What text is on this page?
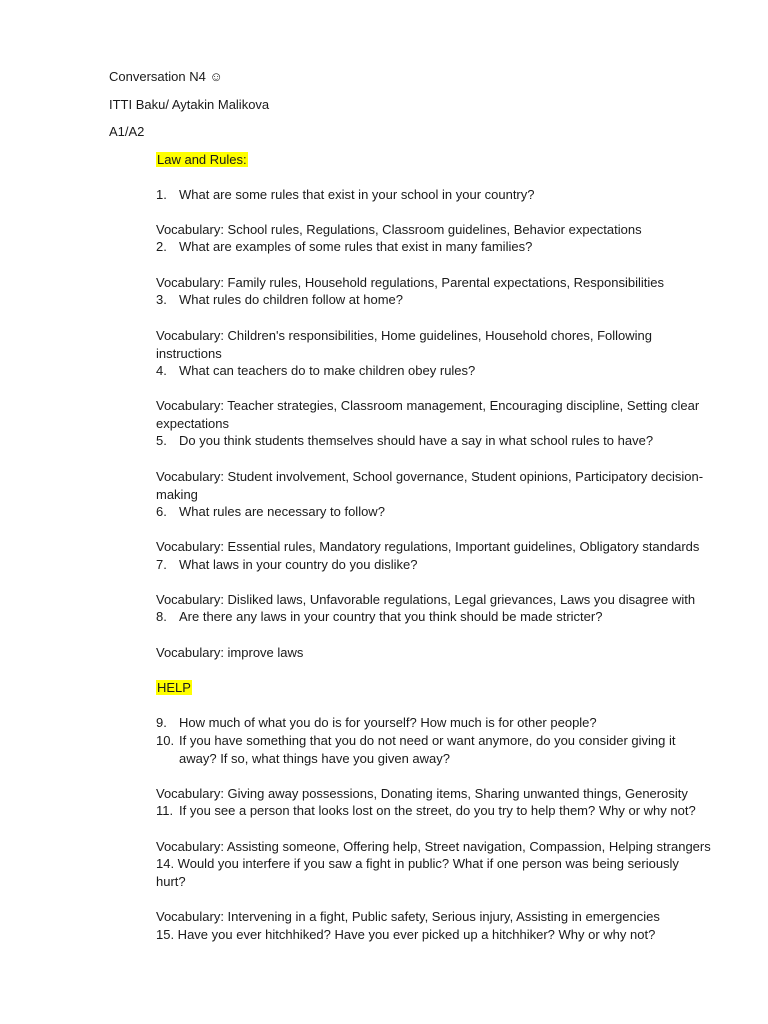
Conversation N4 ☺
ITTI Baku/ Aytakin Malikova
A1/A2
Law and Rules:
1. What are some rules that exist in your school in your country?
Vocabulary: School rules, Regulations, Classroom guidelines, Behavior expectations
2. What are examples of some rules that exist in many families?
Vocabulary: Family rules, Household regulations, Parental expectations, Responsibilities
3. What rules do children follow at home?
Vocabulary: Children's responsibilities, Home guidelines, Household chores, Following
instructions
4. What can teachers do to make children obey rules?
Vocabulary: Teacher strategies, Classroom management, Encouraging discipline, Setting clear
expectations
5. Do you think students themselves should have a say in what school rules to have?
Vocabulary: Student involvement, School governance, Student opinions, Participatory decision-
making
6. What rules are necessary to follow?
Vocabulary: Essential rules, Mandatory regulations, Important guidelines, Obligatory standards
7. What laws in your country do you dislike?
Vocabulary: Disliked laws, Unfavorable regulations, Legal grievances, Laws you disagree with
8. Are there any laws in your country that you think should be made stricter?
Vocabulary: improve laws
HELP
9. How much of what you do is for yourself? How much is for other people?
10. If you have something that you do not need or want anymore, do you consider giving it
away? If so, what things have you given away?
Vocabulary: Giving away possessions, Donating items, Sharing unwanted things, Generosity
11. If you see a person that looks lost on the street, do you try to help them? Why or why not?
Vocabulary: Assisting someone, Offering help, Street navigation, Compassion, Helping strangers
14. Would you interfere if you saw a fight in public? What if one person was being seriously
hurt?
Vocabulary: Intervening in a fight, Public safety, Serious injury, Assisting in emergencies
15. Have you ever hitchhiked? Have you ever picked up a hitchhiker? Why or why not?
